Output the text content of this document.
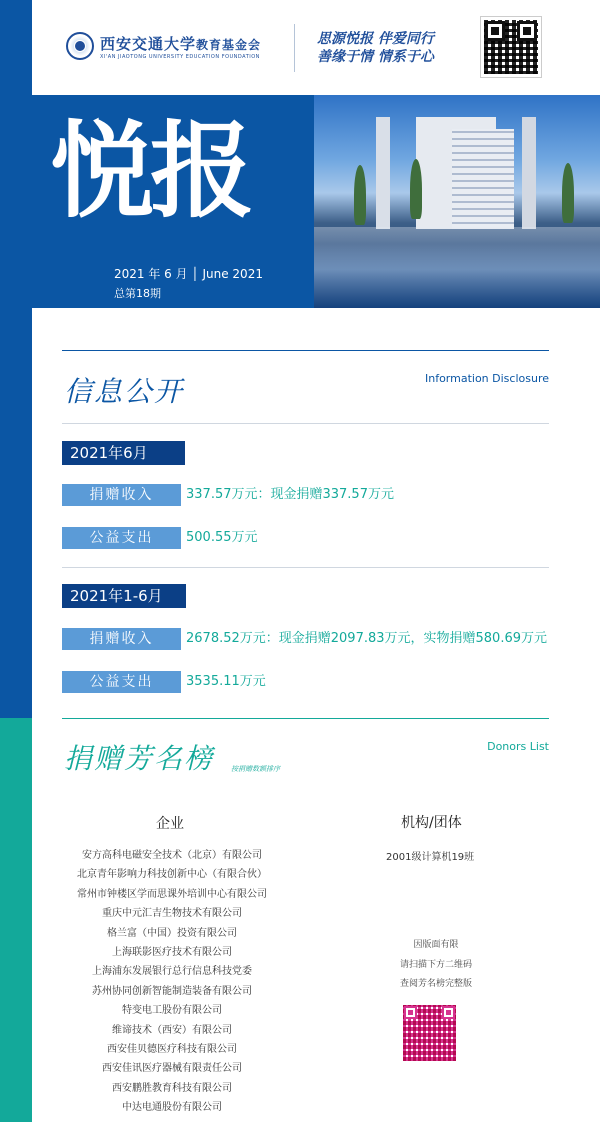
西安交通大学教育基金会
XI'AN JIAOTONG UNIVERSITY EDUCATION FOUNDATION
思源悦报 伴爱同行
善缘于情 情系于心
悦报
2021 年 6 月 │ June 2021
总第18期
信息公开	Information Disclosure
2021年6月
捐赠收入	337.57万元：现金捐赠337.57万元
公益支出	500.55万元
2021年1-6月
捐赠收入	2678.52万元：现金捐赠2097.83万元，实物捐赠580.69万元
公益支出	3535.11万元
捐赠芳名榜	Donors List
按捐赠数额排序
企业	机构/团体
安方高科电磁安全技术（北京）有限公司
北京青年影响力科技创新中心（有限合伙）
常州市钟楼区学而思课外培训中心有限公司
重庆中元汇吉生物技术有限公司
格兰富（中国）投资有限公司
上海联影医疗技术有限公司
上海浦东发展银行总行信息科技党委
苏州协同创新智能制造装备有限公司
特变电工股份有限公司
维谛技术（西安）有限公司
西安佳贝德医疗科技有限公司
西安佳讯医疗器械有限责任公司
西安鹏胜教育科技有限公司
中达电通股份有限公司
2001级计算机19班
因版面有限
请扫描下方二维码
查阅芳名榜完整版
